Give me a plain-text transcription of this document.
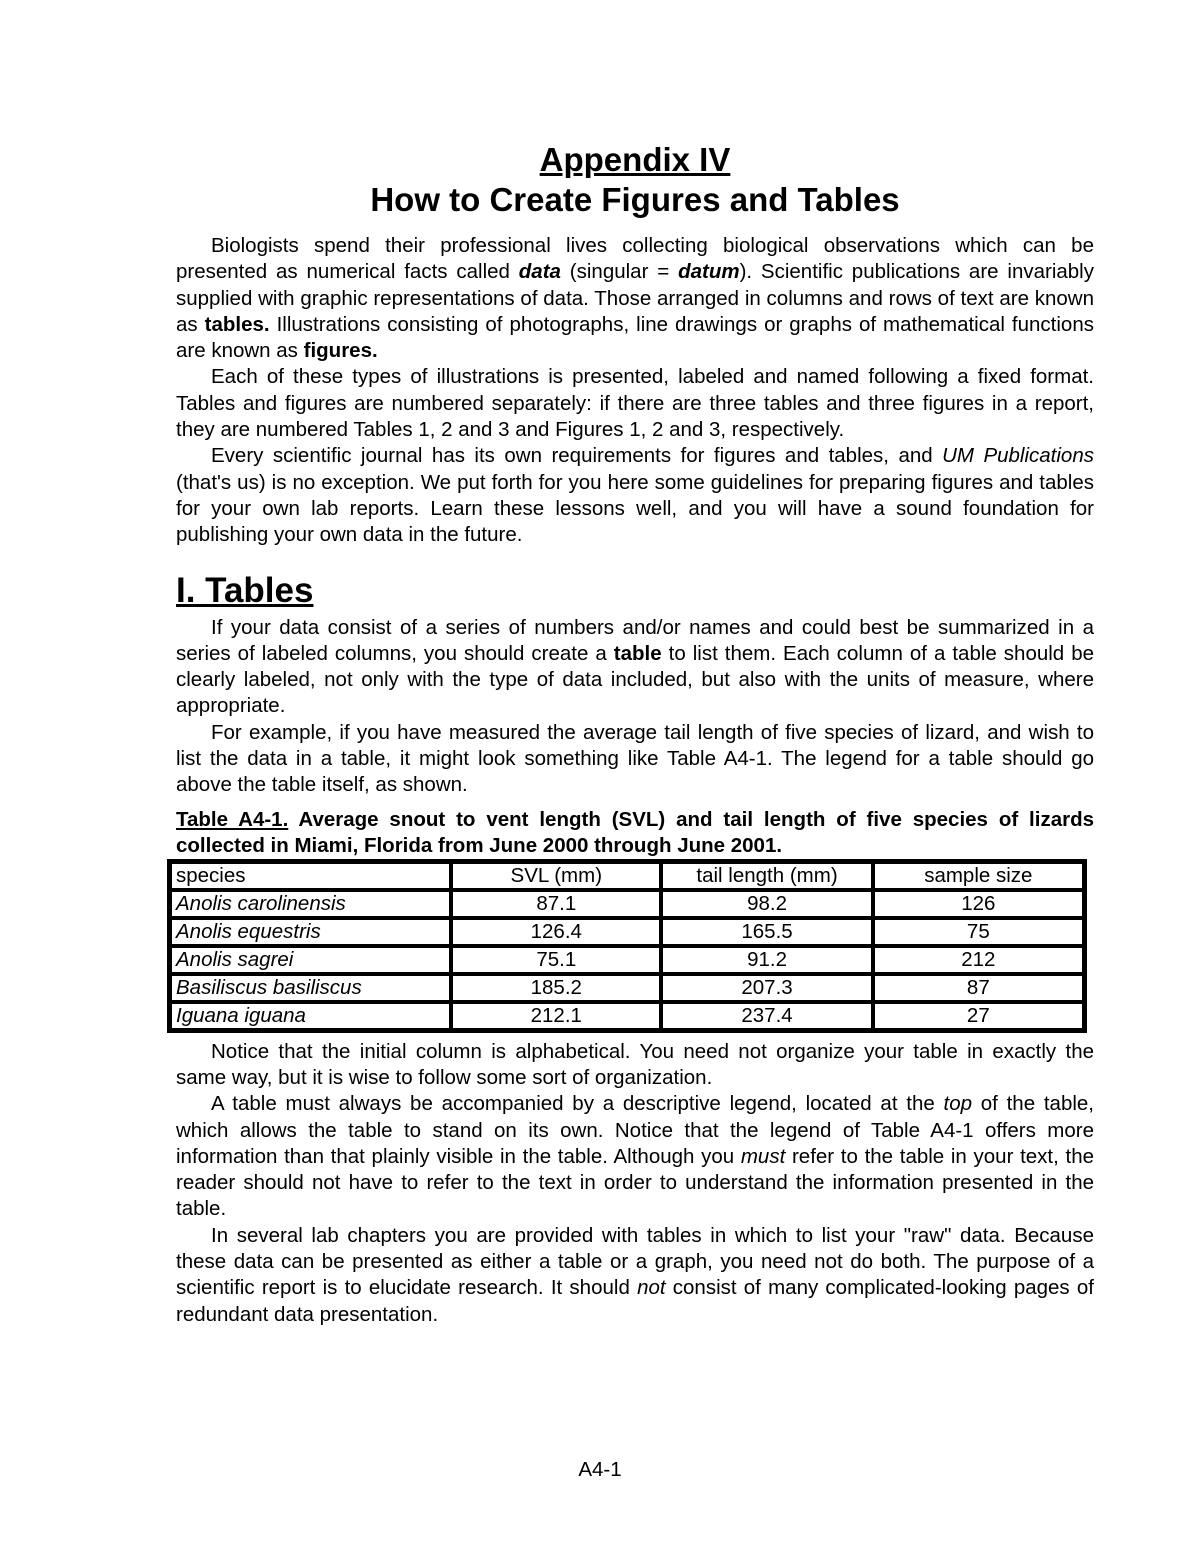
Appendix IV

How to Create Figures and Tables

Biologists spend their professional lives collecting biological observations which can be presented as numerical facts called data (singular = datum). Scientific publications are invariably supplied with graphic representations of data. Those arranged in columns and rows of text are known as tables. Illustrations consisting of photographs, line drawings or graphs of mathematical functions are known as figures.

Each of these types of illustrations is presented, labeled and named following a fixed format. Tables and figures are numbered separately: if there are three tables and three figures in a report, they are numbered Tables 1, 2 and 3 and Figures 1, 2 and 3, respectively.

Every scientific journal has its own requirements for figures and tables, and UM Publications (that's us) is no exception. We put forth for you here some guidelines for preparing figures and tables for your own lab reports. Learn these lessons well, and you will have a sound foundation for publishing your own data in the future.

I. Tables

If your data consist of a series of numbers and/or names and could best be summarized in a series of labeled columns, you should create a table to list them. Each column of a table should be clearly labeled, not only with the type of data included, but also with the units of measure, where appropriate.

For example, if you have measured the average tail length of five species of lizard, and wish to list the data in a table, it might look something like Table A4-1. The legend for a table should go above the table itself, as shown.

Table A4-1. Average snout to vent length (SVL) and tail length of five species of lizards collected in Miami, Florida from June 2000 through June 2001.

species	SVL (mm)	tail length (mm)	sample size
Anolis carolinensis	87.1	98.2	126
Anolis equestris	126.4	165.5	75
Anolis sagrei	75.1	91.2	212
Basiliscus basiliscus	185.2	207.3	87
Iguana iguana	212.1	237.4	27

Notice that the initial column is alphabetical. You need not organize your table in exactly the same way, but it is wise to follow some sort of organization.

A table must always be accompanied by a descriptive legend, located at the top of the table, which allows the table to stand on its own. Notice that the legend of Table A4-1 offers more information than that plainly visible in the table. Although you must refer to the table in your text, the reader should not have to refer to the text in order to understand the information presented in the table.

In several lab chapters you are provided with tables in which to list your "raw" data. Because these data can be presented as either a table or a graph, you need not do both. The purpose of a scientific report is to elucidate research. It should not consist of many complicated-looking pages of redundant data presentation.

A4-1
